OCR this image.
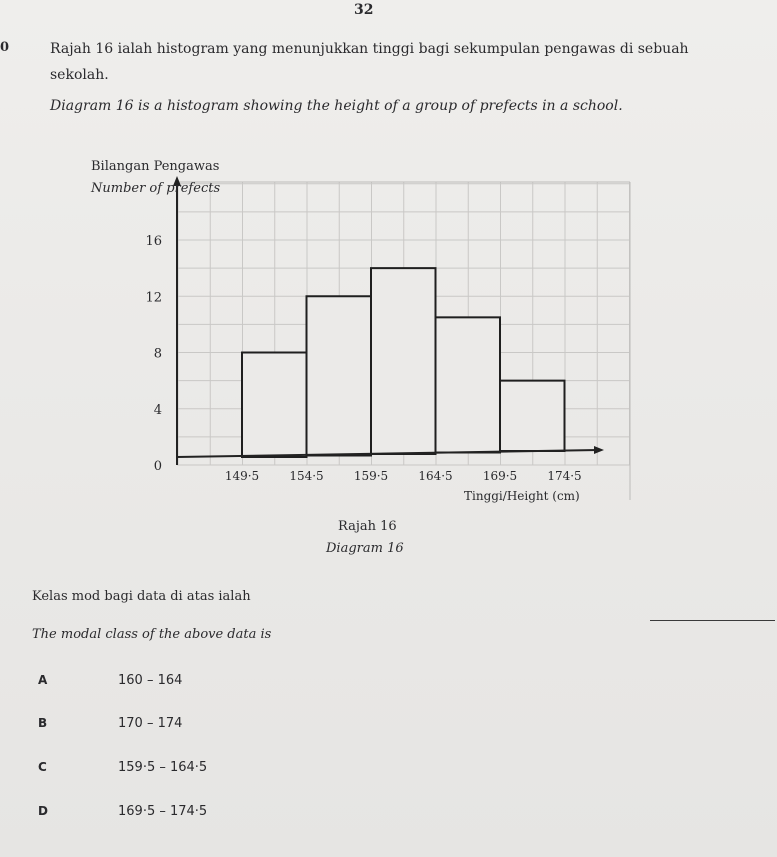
32
0	Rajah 16 ialah histogram yang menunjukkan tinggi bagi sekumpulan pengawas di sebuah sekolah.
Diagram 16 is a histogram showing the height of a group of prefects in a school.
0
4
8
12
16
149·5	154·5	159·5	164·5	169·5	174·5
Bilangan Pengawas
Number of prefects
Tinggi/Height (cm)
Rajah 16
Diagram 16
Kelas mod bagi data di atas ialah
The modal class of the above data is
A	160 – 164
B	170 – 174
C	159·5 – 164·5
D	169·5 – 174·5
